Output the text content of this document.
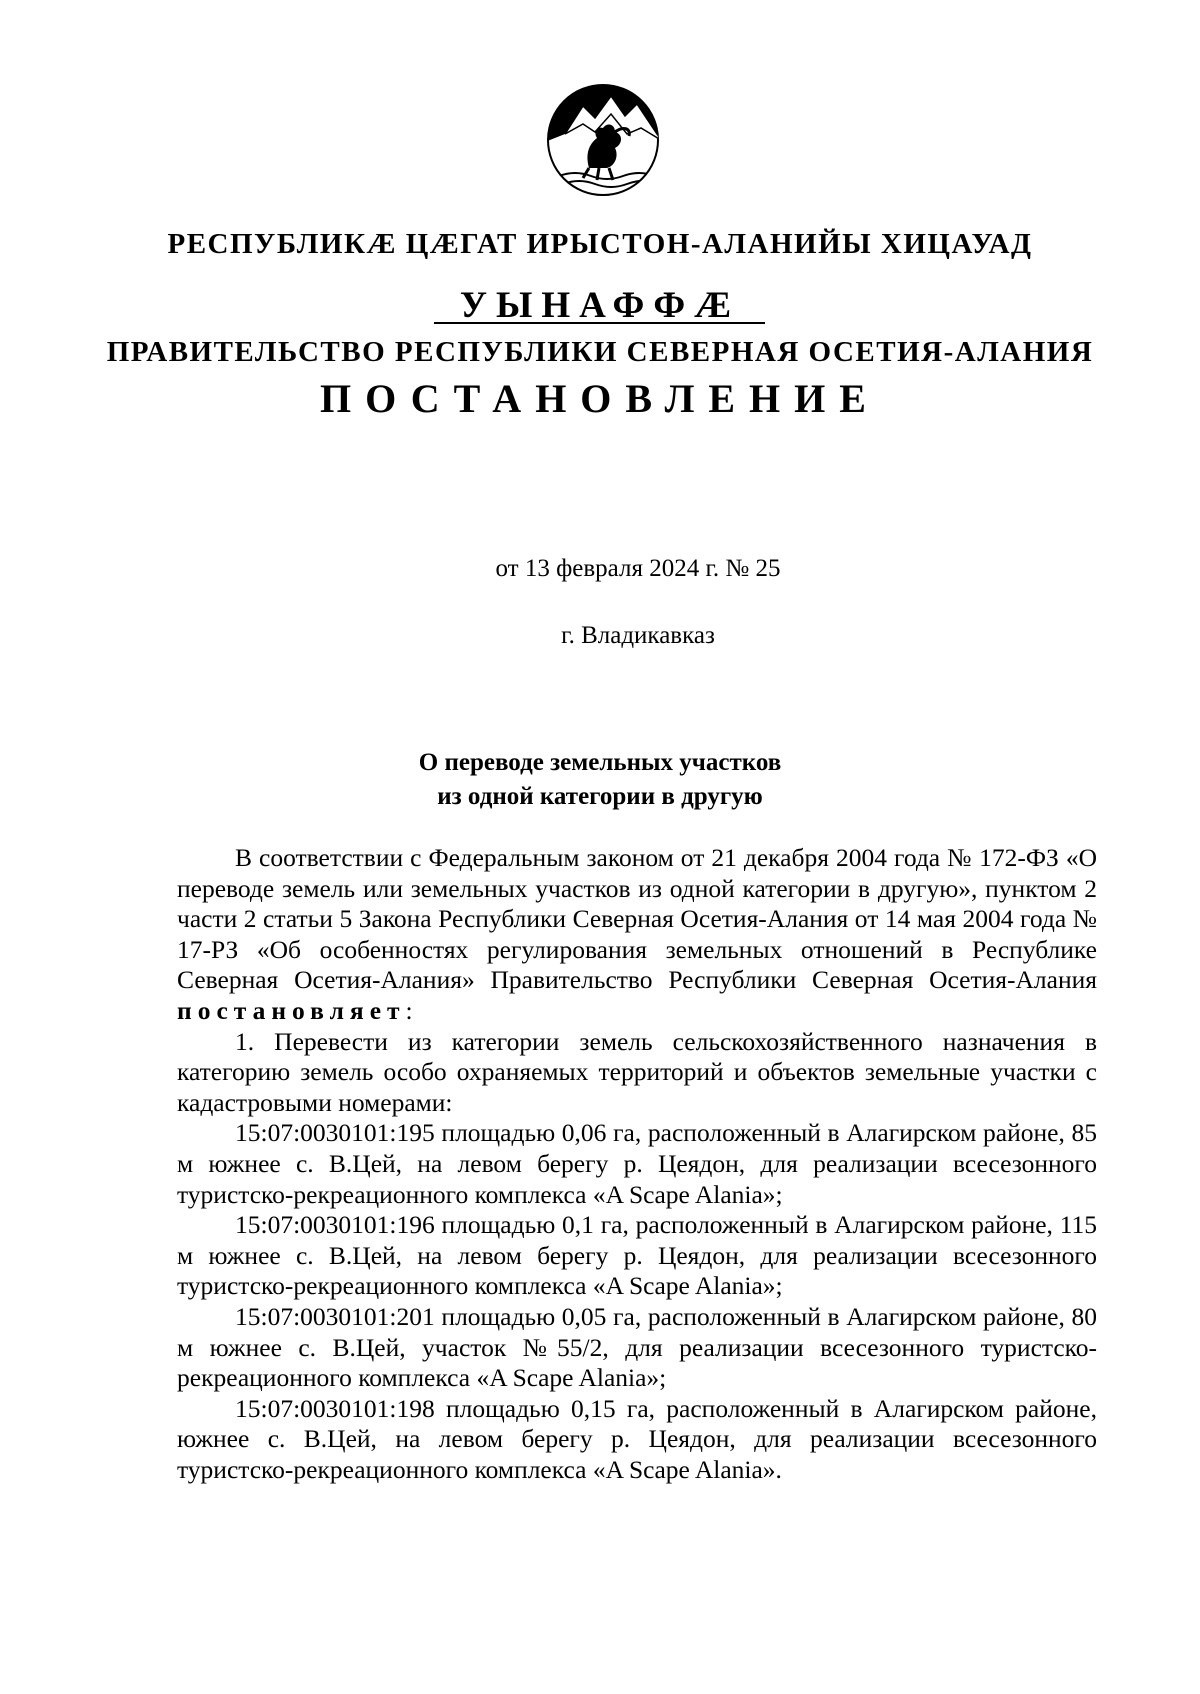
РЕСПУБЛИКÆ ЦÆГАТ ИРЫСТОН-АЛАНИЙЫ ХИЦАУАД
УЫНАФФÆ
ПРАВИТЕЛЬСТВО РЕСПУБЛИКИ СЕВЕРНАЯ ОСЕТИЯ-АЛАНИЯ
ПОСТАНОВЛЕНИЕ
от 13 февраля 2024 г. № 25
г. Владикавказ
О переводе земельных участков
из одной категории в другую

В соответствии с Федеральным законом от 21 декабря 2004 года № 172-ФЗ «О переводе земель или земельных участков из одной категории в другую», пунктом 2 части 2 статьи 5 Закона Республики Северная Осетия-Алания от 14 мая 2004 года № 17-РЗ «Об особенностях регулирования земельных отношений в Республике Северная Осетия-Алания» Правительство Республики Северная Осетия-Алания постановляет:

1. Перевести из категории земель сельскохозяйственного назначения в категорию земель особо охраняемых территорий и объектов земельные участки с кадастровыми номерами:

15:07:0030101:195 площадью 0,06 га, расположенный в Алагирском районе, 85 м южнее с. В.Цей, на левом берегу р. Цеядон, для реализации всесезонного туристско-рекреационного комплекса «A Scape Alania»;

15:07:0030101:196 площадью 0,1 га, расположенный в Алагирском районе, 115 м южнее с. В.Цей, на левом берегу р. Цеядон, для реализации всесезонного туристско-рекреационного комплекса «A Scape Alania»;

15:07:0030101:201 площадью 0,05 га, расположенный в Алагирском районе, 80 м южнее с. В.Цей, участок №55/2, для реализации всесезонного туристско-рекреационного комплекса «A Scape Alania»;

15:07:0030101:198 площадью 0,15 га, расположенный в Алагирском районе, южнее с. В.Цей, на левом берегу р. Цеядон, для реализации всесезонного туристско-рекреационного комплекса «A Scape Alania».
